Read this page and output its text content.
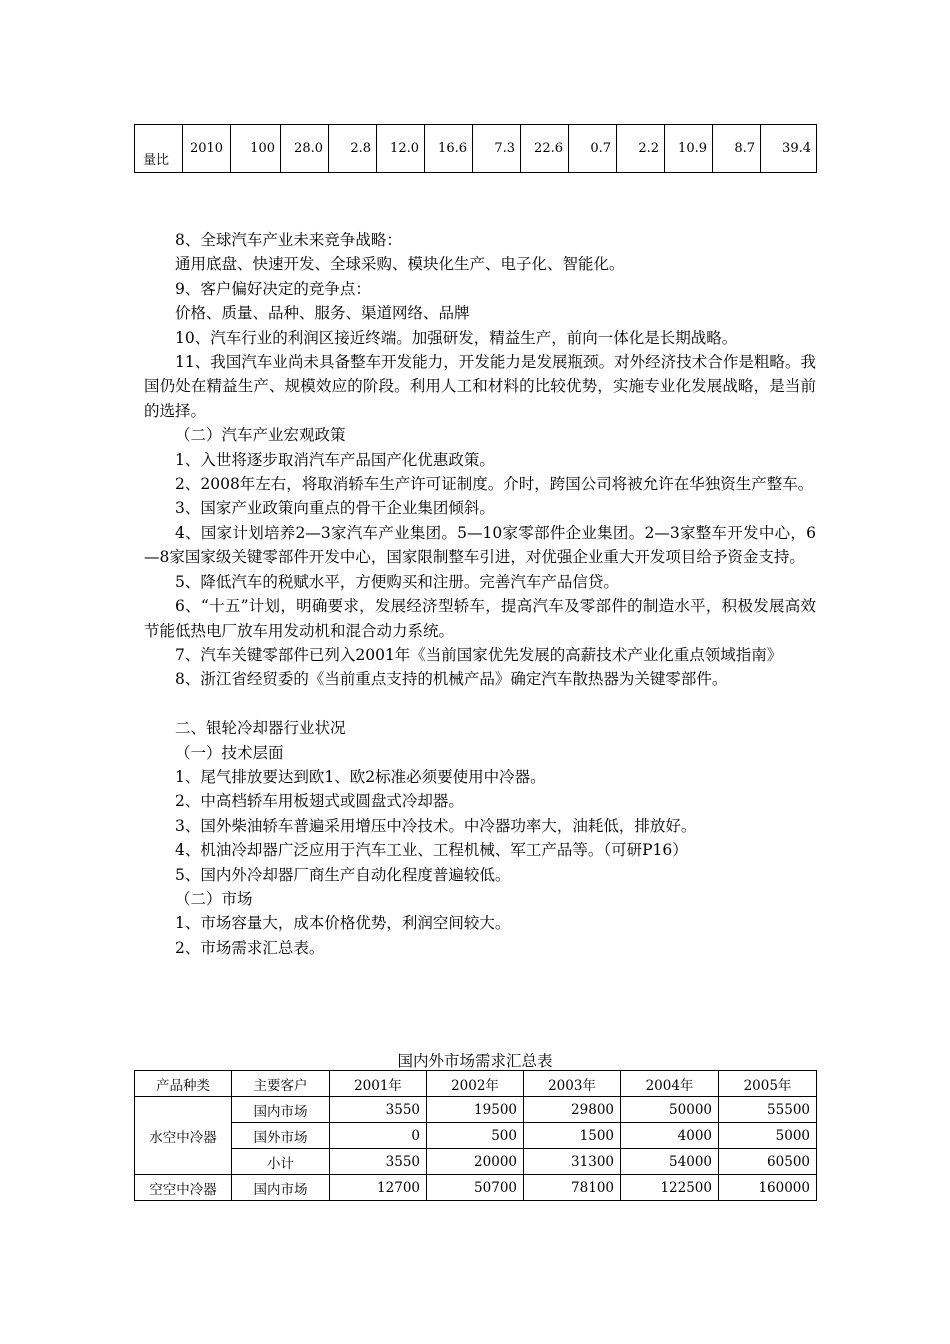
量比	2010	100	28.0	2.8	12.0	16.6	7.3	22.6	0.7	2.2	10.9	8.7	39.4

8、全球汽车产业未来竞争战略：

通用底盘、快速开发、全球采购、模块化生产、电子化、智能化。

9、客户偏好决定的竞争点：

价格、质量、品种、服务、渠道网络、品牌

10、汽车行业的利润区接近终端。加强研发，精益生产，前向一体化是长期战略。

11、我国汽车业尚未具备整车开发能力，开发能力是发展瓶颈。对外经济技术合作是粗略。我国仍处在精益生产、规模效应的阶段。利用人工和材料的比较优势，实施专业化发展战略，是当前的选择。

（二）汽车产业宏观政策

1、入世将逐步取消汽车产品国产化优惠政策。

2、2008年左右，将取消轿车生产许可证制度。介时，跨国公司将被允许在华独资生产整车。

3、国家产业政策向重点的骨干企业集团倾斜。

4、国家计划培养2—3家汽车产业集团。5—10家零部件企业集团。2—3家整车开发中心，6—8家国家级关键零部件开发中心，国家限制整车引进，对优强企业重大开发项目给予资金支持。

5、降低汽车的税赋水平，方便购买和注册。完善汽车产品信贷。

6、“十五”计划，明确要求，发展经济型轿车，提高汽车及零部件的制造水平，积极发展高效节能低热电厂放车用发动机和混合动力系统。

7、汽车关键零部件已列入2001年《当前国家优先发展的高薪技术产业化重点领域指南》

8、浙江省经贸委的《当前重点支持的机械产品》确定汽车散热器为关键零部件。

二、银轮冷却器行业状况

（一）技术层面

1、尾气排放要达到欧1、欧2标准必须要使用中冷器。

2、中高档轿车用板翅式或圆盘式冷却器。

3、国外柴油轿车普遍采用增压中冷技术。中冷器功率大，油耗低，排放好。

4、机油冷却器广泛应用于汽车工业、工程机械、军工产品等。（可研P16）

5、国内外冷却器厂商生产自动化程度普遍较低。

（二）市场

1、市场容量大，成本价格优势，利润空间较大。

2、市场需求汇总表。

国内外市场需求汇总表
产品种类	主要客户	2001年	2002年	2003年	2004年	2005年
水空中冷器	国内市场	3550	19500	29800	50000	55500
	国外市场	0	500	1500	4000	5000
	小计	3550	20000	31300	54000	60500
空空中冷器	国内市场	12700	50700	78100	122500	160000
